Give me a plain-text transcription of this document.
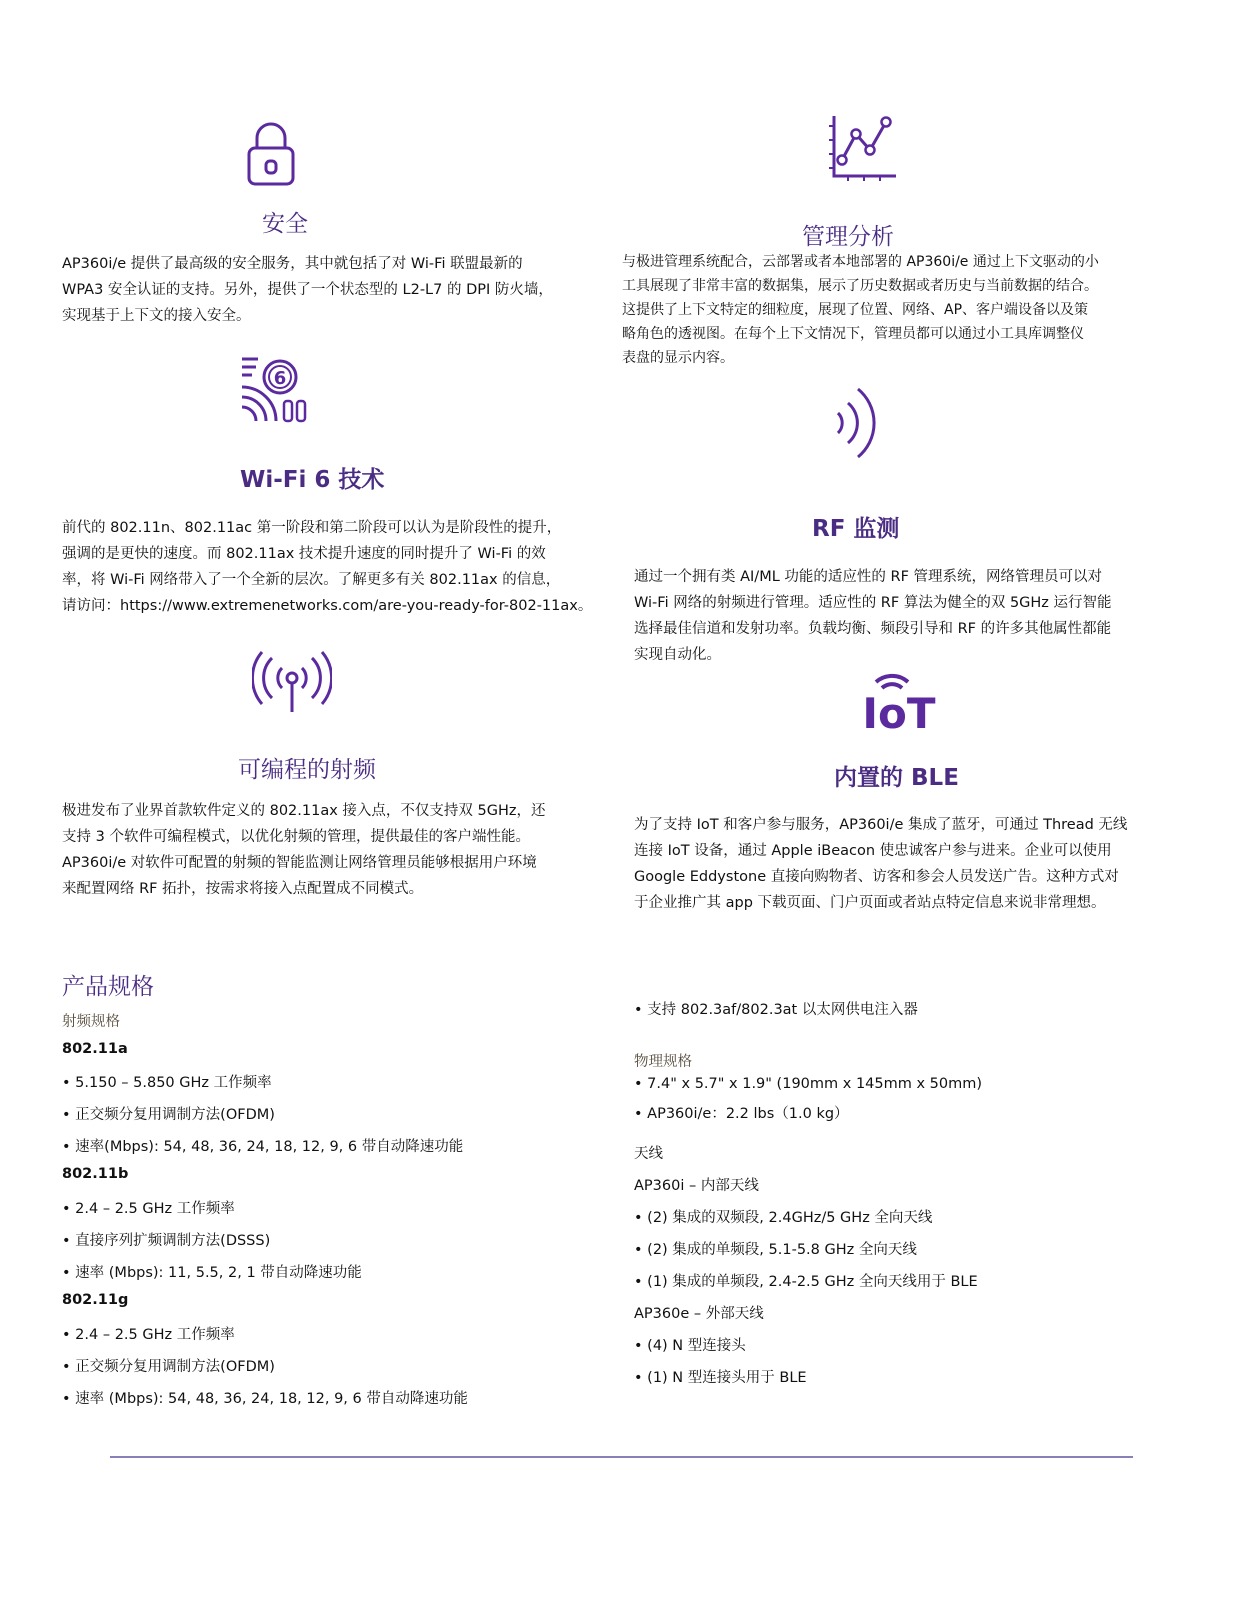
安全
AP360i/e 提供了最高级的安全服务，其中就包括了对 Wi-Fi 联盟最新的
WPA3 安全认证的支持。另外，提供了一个状态型的 L2-L7 的 DPI 防火墙，
实现基于上下文的接入安全。
管理分析
与极进管理系统配合，云部署或者本地部署的 AP360i/e 通过上下文驱动的小
工具展现了非常丰富的数据集，展示了历史数据或者历史与当前数据的结合。
这提供了上下文特定的细粒度，展现了位置、网络、AP、客户端设备以及策
略角色的透视图。在每个上下文情况下，管理员都可以通过小工具库调整仪
表盘的显示内容。
6
Wi-Fi 6 技术
前代的 802.11n、802.11ac 第一阶段和第二阶段可以认为是阶段性的提升，
强调的是更快的速度。而 802.11ax 技术提升速度的同时提升了 Wi-Fi 的效
率，将 Wi-Fi 网络带入了一个全新的层次。了解更多有关 802.11ax 的信息，
请访问：https://www.extremenetworks.com/are-you-ready-for-802-11ax。
RF 监测
通过一个拥有类 AI/ML 功能的适应性的 RF 管理系统，网络管理员可以对
Wi-Fi 网络的射频进行管理。适应性的 RF 算法为健全的双 5GHz 运行智能
选择最佳信道和发射功率。负载均衡、频段引导和 RF 的许多其他属性都能
实现自动化。
可编程的射频
极进发布了业界首款软件定义的 802.11ax 接入点，不仅支持双 5GHz，还
支持 3 个软件可编程模式，以优化射频的管理，提供最佳的客户端性能。
AP360i/e 对软件可配置的射频的智能监测让网络管理员能够根据用户环境
来配置网络 RF 拓扑，按需求将接入点配置成不同模式。
IoT
内置的 BLE
为了支持 IoT 和客户参与服务，AP360i/e 集成了蓝牙，可通过 Thread 无线
连接 IoT 设备，通过 Apple iBeacon 使忠诚客户参与进来。企业可以使用
Google Eddystone 直接向购物者、访客和参会人员发送广告。这种方式对
于企业推广其 app 下载页面、门户页面或者站点特定信息来说非常理想。
产品规格
射频规格
802.11a
• 5.150 – 5.850 GHz 工作频率
• 正交频分复用调制方法(OFDM)
• 速率(Mbps): 54, 48, 36, 24, 18, 12, 9, 6 带自动降速功能
802.11b
• 2.4 – 2.5 GHz 工作频率
• 直接序列扩频调制方法(DSSS)
• 速率 (Mbps): 11, 5.5, 2, 1 带自动降速功能
802.11g
• 2.4 – 2.5 GHz 工作频率
• 正交频分复用调制方法(OFDM)
• 速率 (Mbps): 54, 48, 36, 24, 18, 12, 9, 6 带自动降速功能
• 支持 802.3af/802.3at 以太网供电注入器
物理规格
• 7.4" x 5.7" x 1.9" (190mm x 145mm x 50mm)
• AP360i/e：2.2 lbs（1.0 kg）
天线
AP360i – 内部天线
• (2) 集成的双频段, 2.4GHz/5 GHz 全向天线
• (2) 集成的单频段, 5.1-5.8 GHz 全向天线
• (1) 集成的单频段, 2.4-2.5 GHz 全向天线用于 BLE
AP360e – 外部天线
• (4) N 型连接头
• (1) N 型连接头用于 BLE
